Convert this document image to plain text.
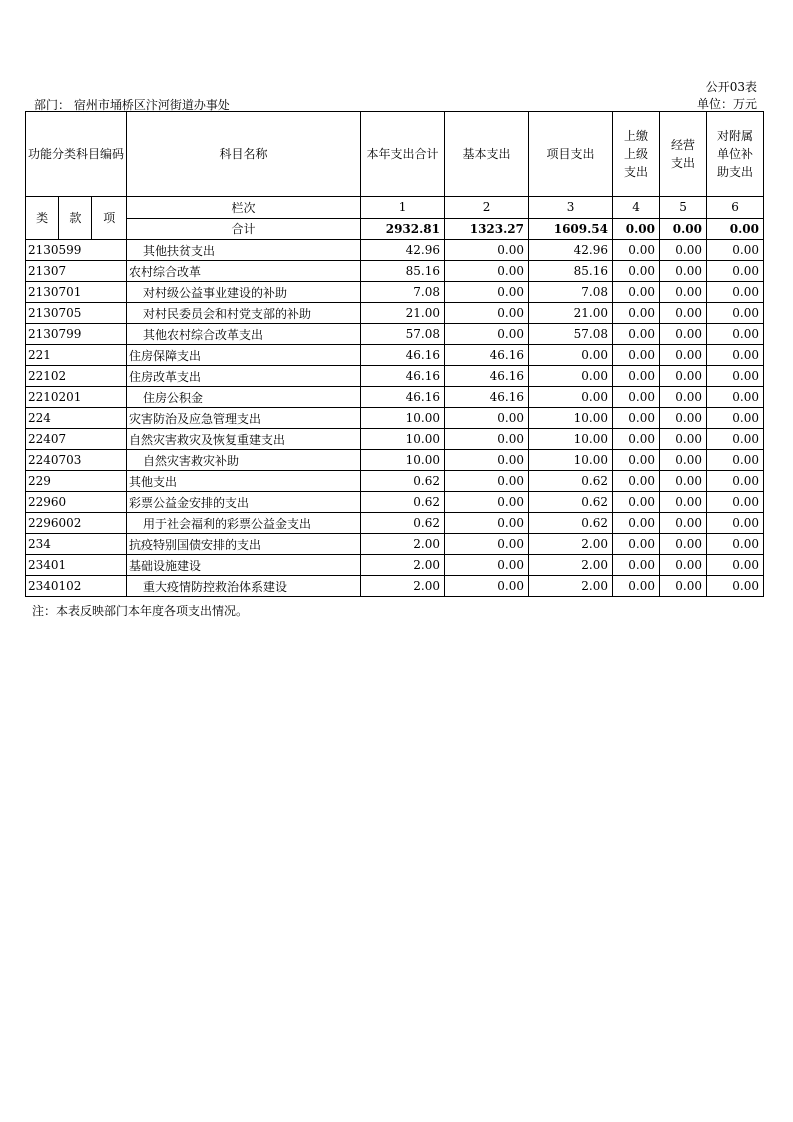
公开03表
单位：万元
部门： 宿州市埇桥区汴河街道办事处
功能分类科目编码			科目名称	本年支出合计	基本支出	项目支出	上缴上级支出	经营支出	对附属单位补助支出
类	款	项							
			栏次	1	2	3	4	5	6
			合计	2932.81	1323.27	1609.54	0.00	0.00	0.00
2130599			其他扶贫支出	42.96	0.00	42.96	0.00	0.00	0.00
21307			农村综合改革	85.16	0.00	85.16	0.00	0.00	0.00
2130701			对村级公益事业建设的补助	7.08	0.00	7.08	0.00	0.00	0.00
2130705			对村民委员会和村党支部的补助	21.00	0.00	21.00	0.00	0.00	0.00
2130799			其他农村综合改革支出	57.08	0.00	57.08	0.00	0.00	0.00
221			住房保障支出	46.16	46.16	0.00	0.00	0.00	0.00
22102			住房改革支出	46.16	46.16	0.00	0.00	0.00	0.00
2210201			住房公积金	46.16	46.16	0.00	0.00	0.00	0.00
224			灾害防治及应急管理支出	10.00	0.00	10.00	0.00	0.00	0.00
22407			自然灾害救灾及恢复重建支出	10.00	0.00	10.00	0.00	0.00	0.00
2240703			自然灾害救灾补助	10.00	0.00	10.00	0.00	0.00	0.00
229			其他支出	0.62	0.00	0.62	0.00	0.00	0.00
22960			彩票公益金安排的支出	0.62	0.00	0.62	0.00	0.00	0.00
2296002			用于社会福利的彩票公益金支出	0.62	0.00	0.62	0.00	0.00	0.00
234			抗疫特别国债安排的支出	2.00	0.00	2.00	0.00	0.00	0.00
23401			基础设施建设	2.00	0.00	2.00	0.00	0.00	0.00
2340102			重大疫情防控救治体系建设	2.00	0.00	2.00	0.00	0.00	0.00
注：本表反映部门本年度各项支出情况。
